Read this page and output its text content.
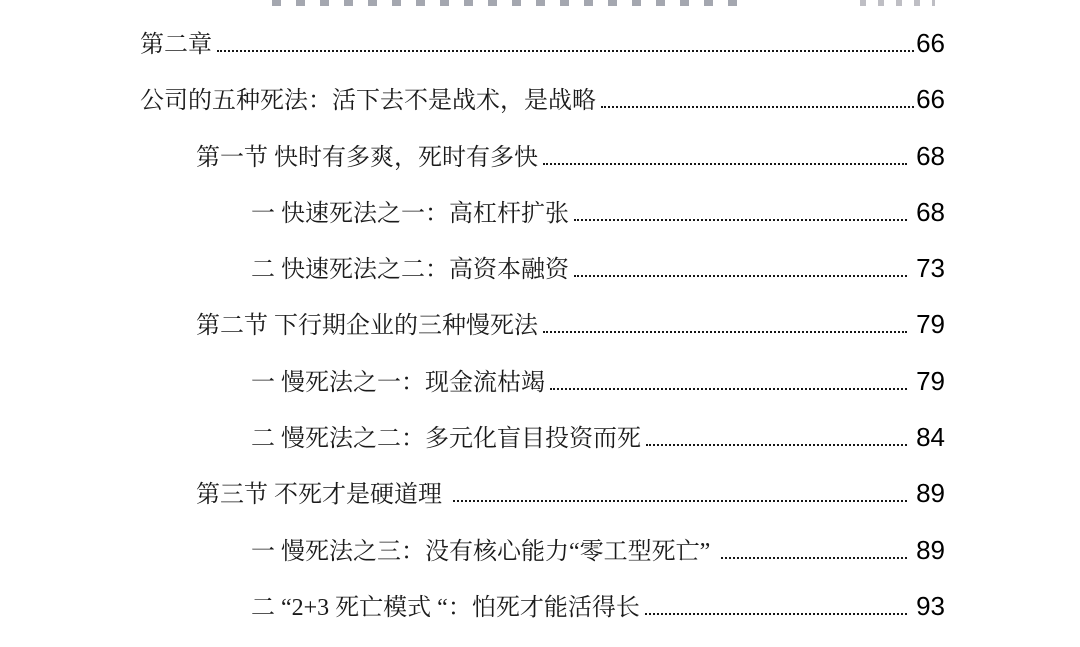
第二章	66
公司的五种死法：活下去不是战术，是战略	66
第一节 快时有多爽，死时有多快	68
一 快速死法之一：高杠杆扩张	68
二 快速死法之二：高资本融资	73
第二节 下行期企业的三种慢死法	79
一 慢死法之一：现金流枯竭	79
二 慢死法之二：多元化盲目投资而死	84
第三节 不死才是硬道理	89
一 慢死法之三：没有核心能力“零工型死亡”	89
二 “2+3 死亡模式 “：怕死才能活得长	93
